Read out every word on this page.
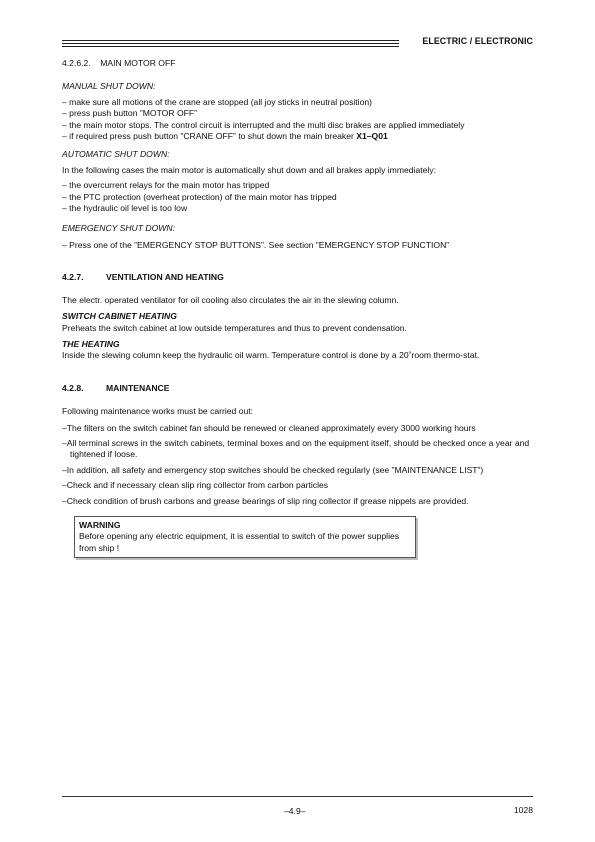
ELECTRIC / ELECTRONIC

4.2.6.2.    MAIN MOTOR OFF

MANUAL SHUT DOWN:

– make sure all motions of the crane are stopped (all joy sticks in neutral position)

– press push button ”MOTOR OFF”

– the main motor stops. The control circuit is interrupted and the multi disc brakes are applied immediately

– if required press push button ”CRANE OFF” to shut down the main breaker X1–Q01

AUTOMATIC SHUT DOWN:

In the following cases the main motor is automatically shut down and all brakes apply immediately:

– the overcurrent relays for the main motor has tripped

– the PTC protection (overheat protection) of the main motor has tripped

– the hydraulic oil level is too low

EMERGENCY SHUT DOWN:

– Press one of the ”EMERGENCY STOP BUTTONS”. See section ”EMERGENCY STOP FUNCTION”

4.2.7.	VENTILATION AND HEATING

The electr. operated ventilator for oil cooling also circulates the air in the slewing column.

SWITCH CABINET HEATING

Preheats the switch cabinet at low outside temperatures and thus to prevent condensation.

THE HEATING

Inside the slewing column keep the hydraulic oil warm. Temperature control is done by a 20˚room thermo-stat.

4.2.8.	MAINTENANCE

Following maintenance works must be carried out:

–The filters on the switch cabinet fan should be renewed or cleaned approximately every 3000 working hours

–All terminal screws in the switch cabinets, terminal boxes and on the equipment itself, should be checked once a year and tightened if loose.

–In addition, all safety and emergency stop switches should be checked regularly (see ”MAINTENANCE LIST”)

–Check and if necessary clean slip ring collector from carbon particles

–Check condition of brush carbons and grease bearings of slip ring collector if grease nippels are provided.

WARNING

Before opening any electric equipment, it is essential to switch of the power supplies from ship !

–4.9–	1028
